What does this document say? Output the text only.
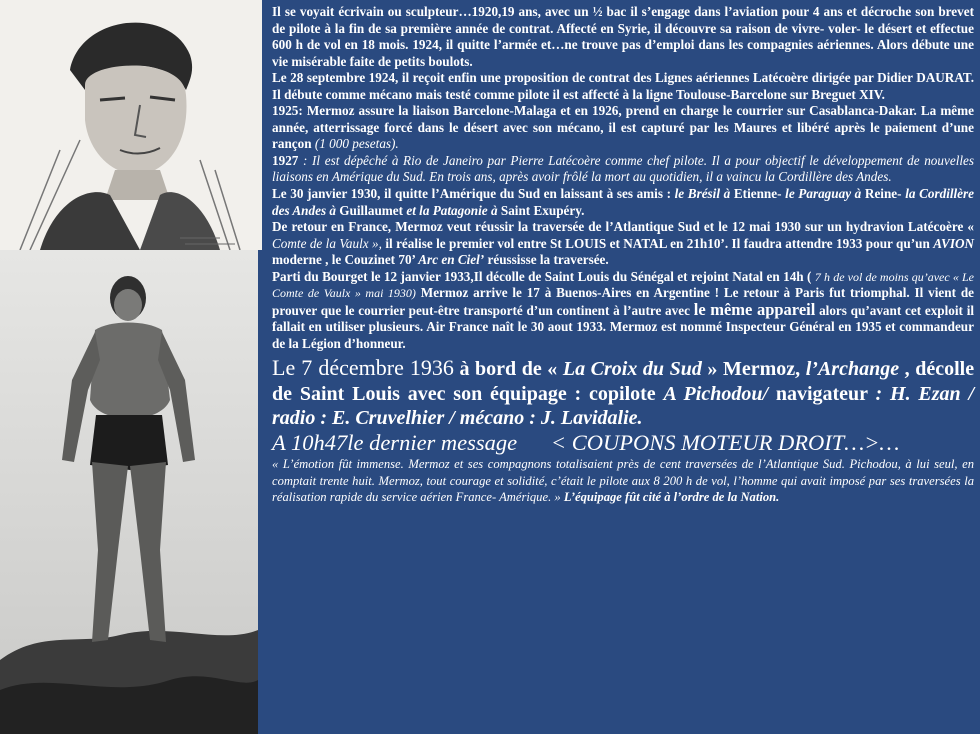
Il se voyait écrivain ou sculpteur…1920,19 ans, avec un ½ bac il s’engage dans l’aviation pour 4 ans et décroche son brevet de pilote à la fin de sa première année de contrat. Affecté en Syrie, il découvre sa raison de vivre- voler- le désert et effectue 600 h de vol en 18 mois. 1924, il quitte l’armée et…ne trouve pas d’emploi dans les compagnies aériennes. Alors débute une vie misérable faite de petits boulots.

Le 28 septembre 1924, il reçoit enfin une proposition de contrat des Lignes aériennes Latécoère dirigée par Didier DAURAT. Il débute comme mécano mais testé comme pilote il est affecté à la ligne Toulouse-Barcelone sur Breguet XIV.

1925: Mermoz assure la liaison Barcelone-Malaga et en 1926, prend en charge le courrier sur Casablanca-Dakar. La même année, atterrissage forcé dans le désert avec son mécano, il est capturé par les Maures et libéré après le paiement d’une rançon (1 000 pesetas).

1927 : Il est dépêché à Rio de Janeiro par Pierre Latécoère comme chef pilote. Il a pour objectif le développement de nouvelles liaisons en Amérique du Sud. En trois ans, après avoir frôlé la mort au quotidien, il a vaincu la Cordillère des Andes.

Le 30 janvier 1930, il quitte l’Amérique du Sud en laissant à ses amis : le Brésil à Etienne- le Paraguay à Reine- la Cordillère des Andes à Guillaumet et la Patagonie à Saint Exupéry.

De retour en France, Mermoz veut réussir la traversée de l’Atlantique Sud et le 12 mai 1930 sur un hydravion Latécoère « Comte de la Vaulx », il réalise le premier vol entre St LOUIS et NATAL en 21h10’. Il faudra attendre 1933 pour qu’un AVION moderne , le Couzinet 70’ Arc en Ciel’ réussisse la traversée.

Parti du Bourget le 12 janvier 1933,Il décolle de Saint Louis du Sénégal et rejoint Natal en 14h ( 7 h de vol de moins qu’avec « Le Comte de Vaulx » mai 1930) Mermoz arrive le 17 à Buenos-Aires en Argentine ! Le retour à Paris fut triomphal. Il vient de prouver que le courrier peut-être transporté d’un continent à l’autre avec le même appareil alors qu’avant cet exploit il fallait en utiliser plusieurs. Air France naît le 30 aout 1933. Mermoz est nommé Inspecteur Général en 1935 et commandeur de la Légion d’honneur.

Le 7 décembre 1936 à bord de « La Croix du Sud » Mermoz, l’Archange , décolle de Saint Louis avec son équipage : copilote A Pichodou/ navigateur : H. Ezan / radio : E. Cruvelhier / mécano : J. Lavidalie.

A 10h47le dernier message      < COUPONS MOTEUR DROIT…>…

« L’émotion fût immense. Mermoz et ses compagnons totalisaient près de cent traversées de l’Atlantique Sud. Pichodou, à lui seul, en comptait trente huit. Mermoz, tout courage et solidité, c’était le pilote aux 8 200 h de vol, l’homme qui avait imposé par ses traversées la réalisation rapide du service aérien France- Amérique. » L’équipage fût cité à l’ordre de la Nation.
